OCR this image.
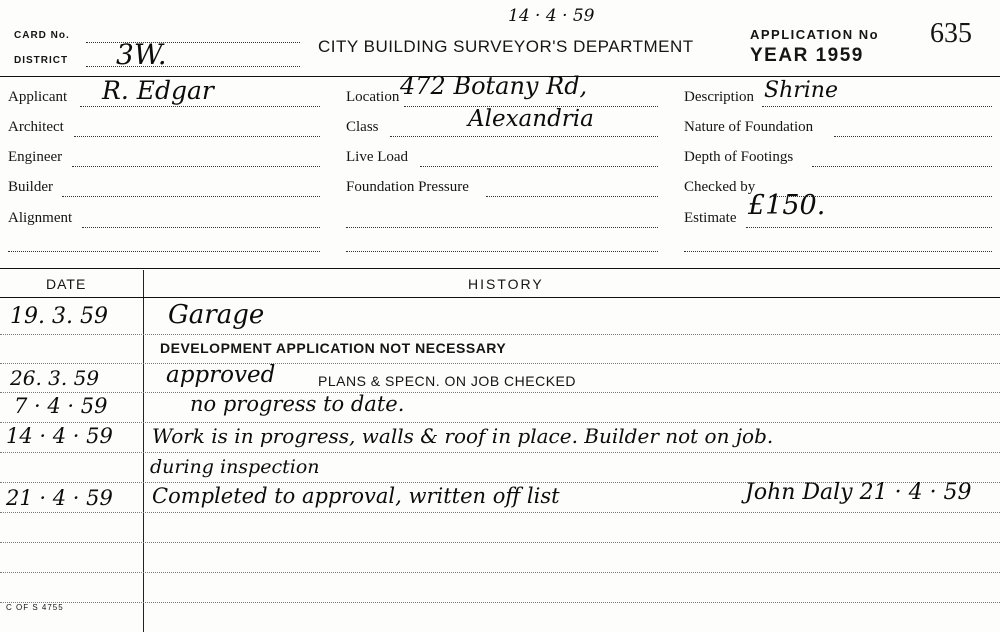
CARD No.
DISTRICT 3W.
14 · 4 · 59
CITY BUILDING SURVEYOR'S DEPARTMENT
APPLICATION No 635
YEAR 1959
Applicant R. Edgar
Architect
Engineer
Builder
Alignment
Location 472 Botany Rd,
Class	Alexandria
Live Load
Foundation Pressure
Description Shrine
Nature of Foundation
Depth of Footings
Checked by
Estimate £150.
DATE	HISTORY
19. 3. 59 Garage
DEVELOPMENT APPLICATION NOT NECESSARY
26. 3. 59	approved	PLANS & SPECN. ON JOB CHECKED
7 · 4 · 59	no progress to date.
14 · 4 · 59 Work is in progress, walls & roof in place. Builder not on job.
during inspection
21 · 4 · 59 Completed to approval, written off list	John Daly 21 · 4 · 59
C OF S 4755
